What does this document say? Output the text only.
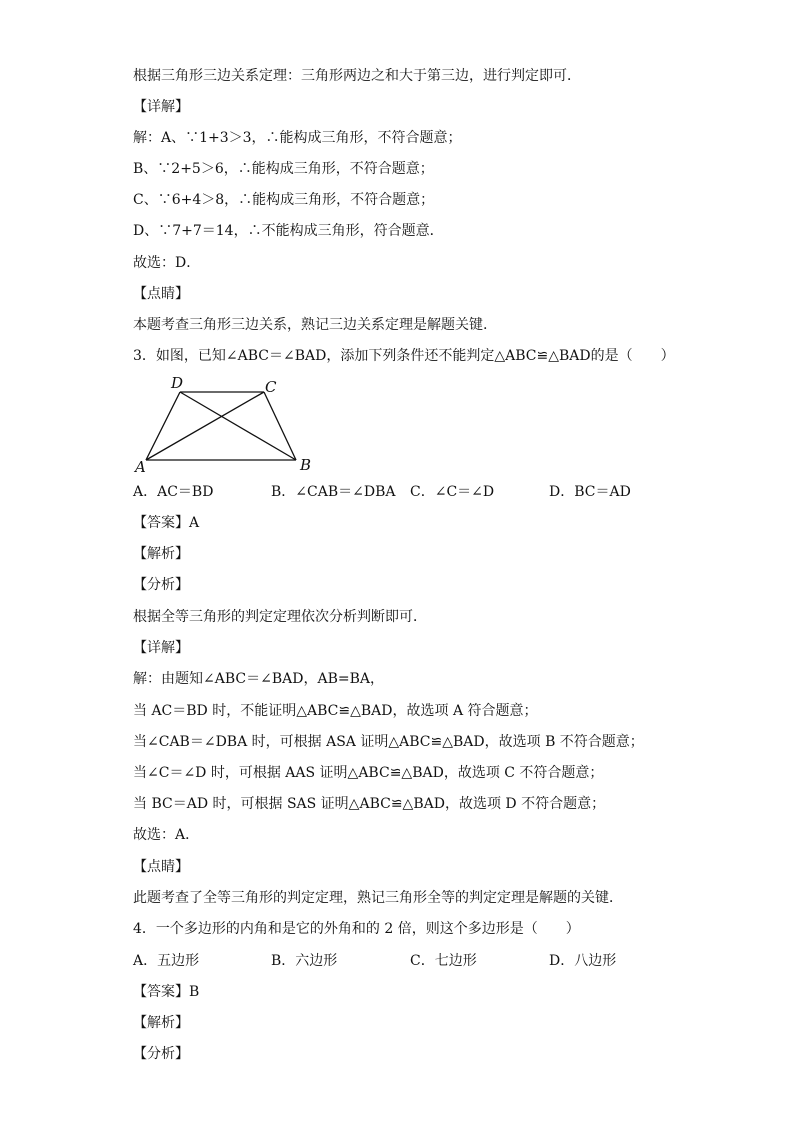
根据三角形三边关系定理：三角形两边之和大于第三边，进行判定即可．
【详解】
解：A、∵1+3＞3，∴能构成三角形，不符合题意；
B、∵2+5＞6，∴能构成三角形，不符合题意；
C、∵6+4＞8，∴能构成三角形，不符合题意；
D、∵7+7＝14，∴不能构成三角形，符合题意．
故选：D．
【点睛】
本题考查三角形三边关系，熟记三边关系定理是解题关键.
3．如图，已知∠ABC＝∠BAD，添加下列条件还不能判定△ABC≌△BAD的是（　　）
D	C
A	B
A．AC＝BD	B．∠CAB＝∠DBA C．∠C＝∠D	D．BC＝AD
【答案】A
【解析】
【分析】
根据全等三角形的判定定理依次分析判断即可．
【详解】
解：由题知∠ABC＝∠BAD，AB=BA，
当 AC＝BD 时，不能证明△ABC≌△BAD，故选项 A 符合题意；
当∠CAB＝∠DBA 时，可根据 ASA 证明△ABC≌△BAD，故选项 B 不符合题意；
当∠C＝∠D 时，可根据 AAS 证明△ABC≌△BAD，故选项 C 不符合题意；
当 BC＝AD 时，可根据 SAS 证明△ABC≌△BAD，故选项 D 不符合题意；
故选：A．
【点睛】
此题考查了全等三角形的判定定理，熟记三角形全等的判定定理是解题的关键．
4．一个多边形的内角和是它的外角和的 2 倍，则这个多边形是（　　）
A．五边形	B．六边形	C．七边形	D．八边形
【答案】B
【解析】
【分析】
